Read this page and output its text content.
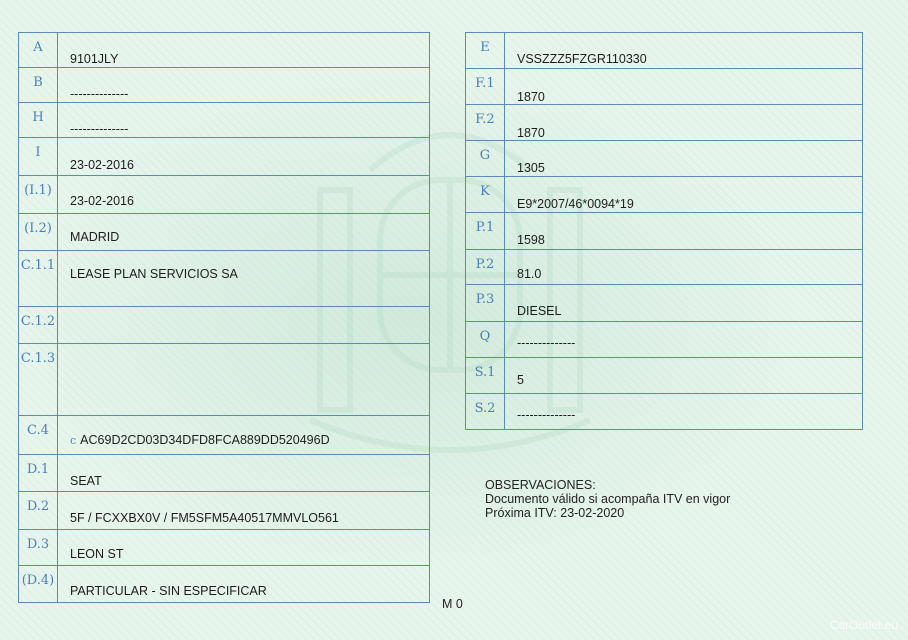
A	9101JLY
B	--------------
H	--------------
I	23-02-2016
(I.1)	23-02-2016
(I.2)	MADRID
C.1.1	LEASE PLAN SERVICIOS SA
C.1.2	
C.1.3	
C.4	c AC69D2CD03D34DFD8FCA889DD520496D
D.1	SEAT
D.2	5F / FCXXBX0V / FM5SFM5A40517MMVLO561
D.3	LEON ST
(D.4)	PARTICULAR - SIN ESPECIFICAR
E	VSSZZZ5FZGR110330
F.1	1870
F.2	1870
G	1305
K	E9*2007/46*0094*19
P.1	1598
P.2	81.0
P.3	DIESEL
Q	--------------
S.1	5
S.2	--------------
OBSERVACIONES:
Documento válido si acompaña ITV en vigor
Próxima ITV: 23-02-2020
M 0
CarOutlet.eu
